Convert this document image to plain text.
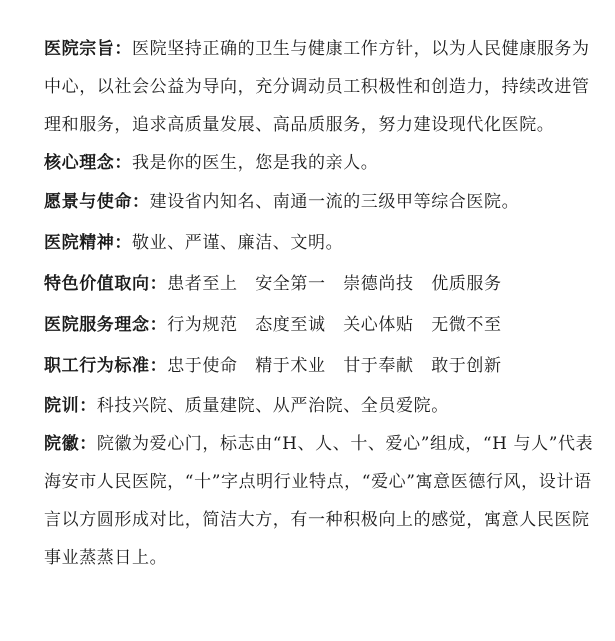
医院宗旨：医院坚持正确的卫生与健康工作方针，以为人民健康服务为中心，以社会公益为导向，充分调动员工积极性和创造力，持续改进管理和服务，追求高质量发展、高品质服务，努力建设现代化医院。

核心理念：我是你的医生，您是我的亲人。

愿景与使命：建设省内知名、南通一流的三级甲等综合医院。

医院精神：敬业、严谨、廉洁、文明。

特色价值取向：患者至上　安全第一　崇德尚技　优质服务

医院服务理念：行为规范　态度至诚　关心体贴　无微不至

职工行为标准：忠于使命　精于术业　甘于奉献　敢于创新

院训：科技兴院、质量建院、从严治院、全员爱院。

院徽：院徽为爱心门，标志由“H、人、十、爱心”组成，“H 与人”代表海安市人民医院，“十”字点明行业特点，“爱心”寓意医德行风，设计语言以方圆形成对比，简洁大方，有一种积极向上的感觉，寓意人民医院事业蒸蒸日上。
